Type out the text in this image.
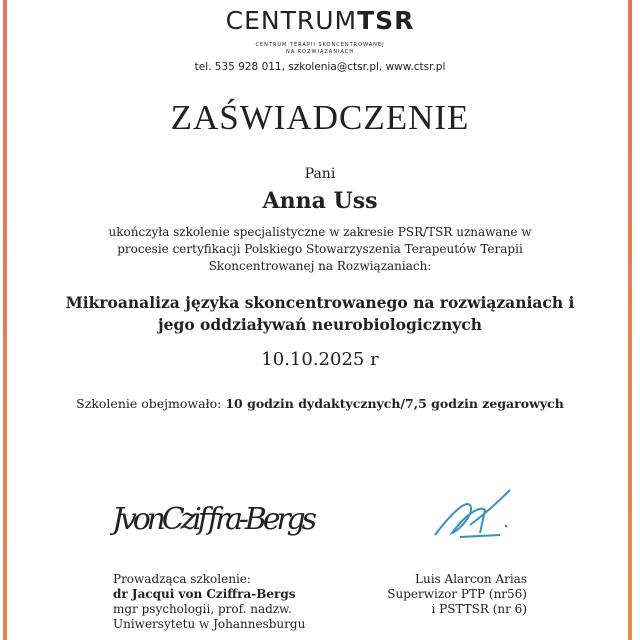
CENTRUMTSR
CENTRUM TERAPII SKONCENTROWANEJ
NA ROZWIĄZANIACH
tel. 535 928 011, szkolenia@ctsr.pl, www.ctsr.pl
ZAŚWIADCZENIE
Pani
Anna Uss
ukończyła szkolenie specjalistyczne w zakresie PSR/TSR uznawane w procesie certyfikacji Polskiego Stowarzyszenia Terapeutów Terapii Skoncentrowanej na Rozwiązaniach:
Mikroanaliza języka skoncentrowanego na rozwiązaniach i jego oddziaływań neurobiologicznych
10.10.2025 r
Szkolenie obejmowało: 10 godzin dydaktycznych/7,5 godzin zegarowych
JvonCziffra-Bergs
Prowadząca szkolenie:
dr Jacqui von Cziffra-Bergs
mgr psychologii, prof. nadzw.
Uniwersytetu w Johannesburgu
Luis Alarcon Arias
Superwizor PTP (nr56)
i PSTTSR (nr 6)
